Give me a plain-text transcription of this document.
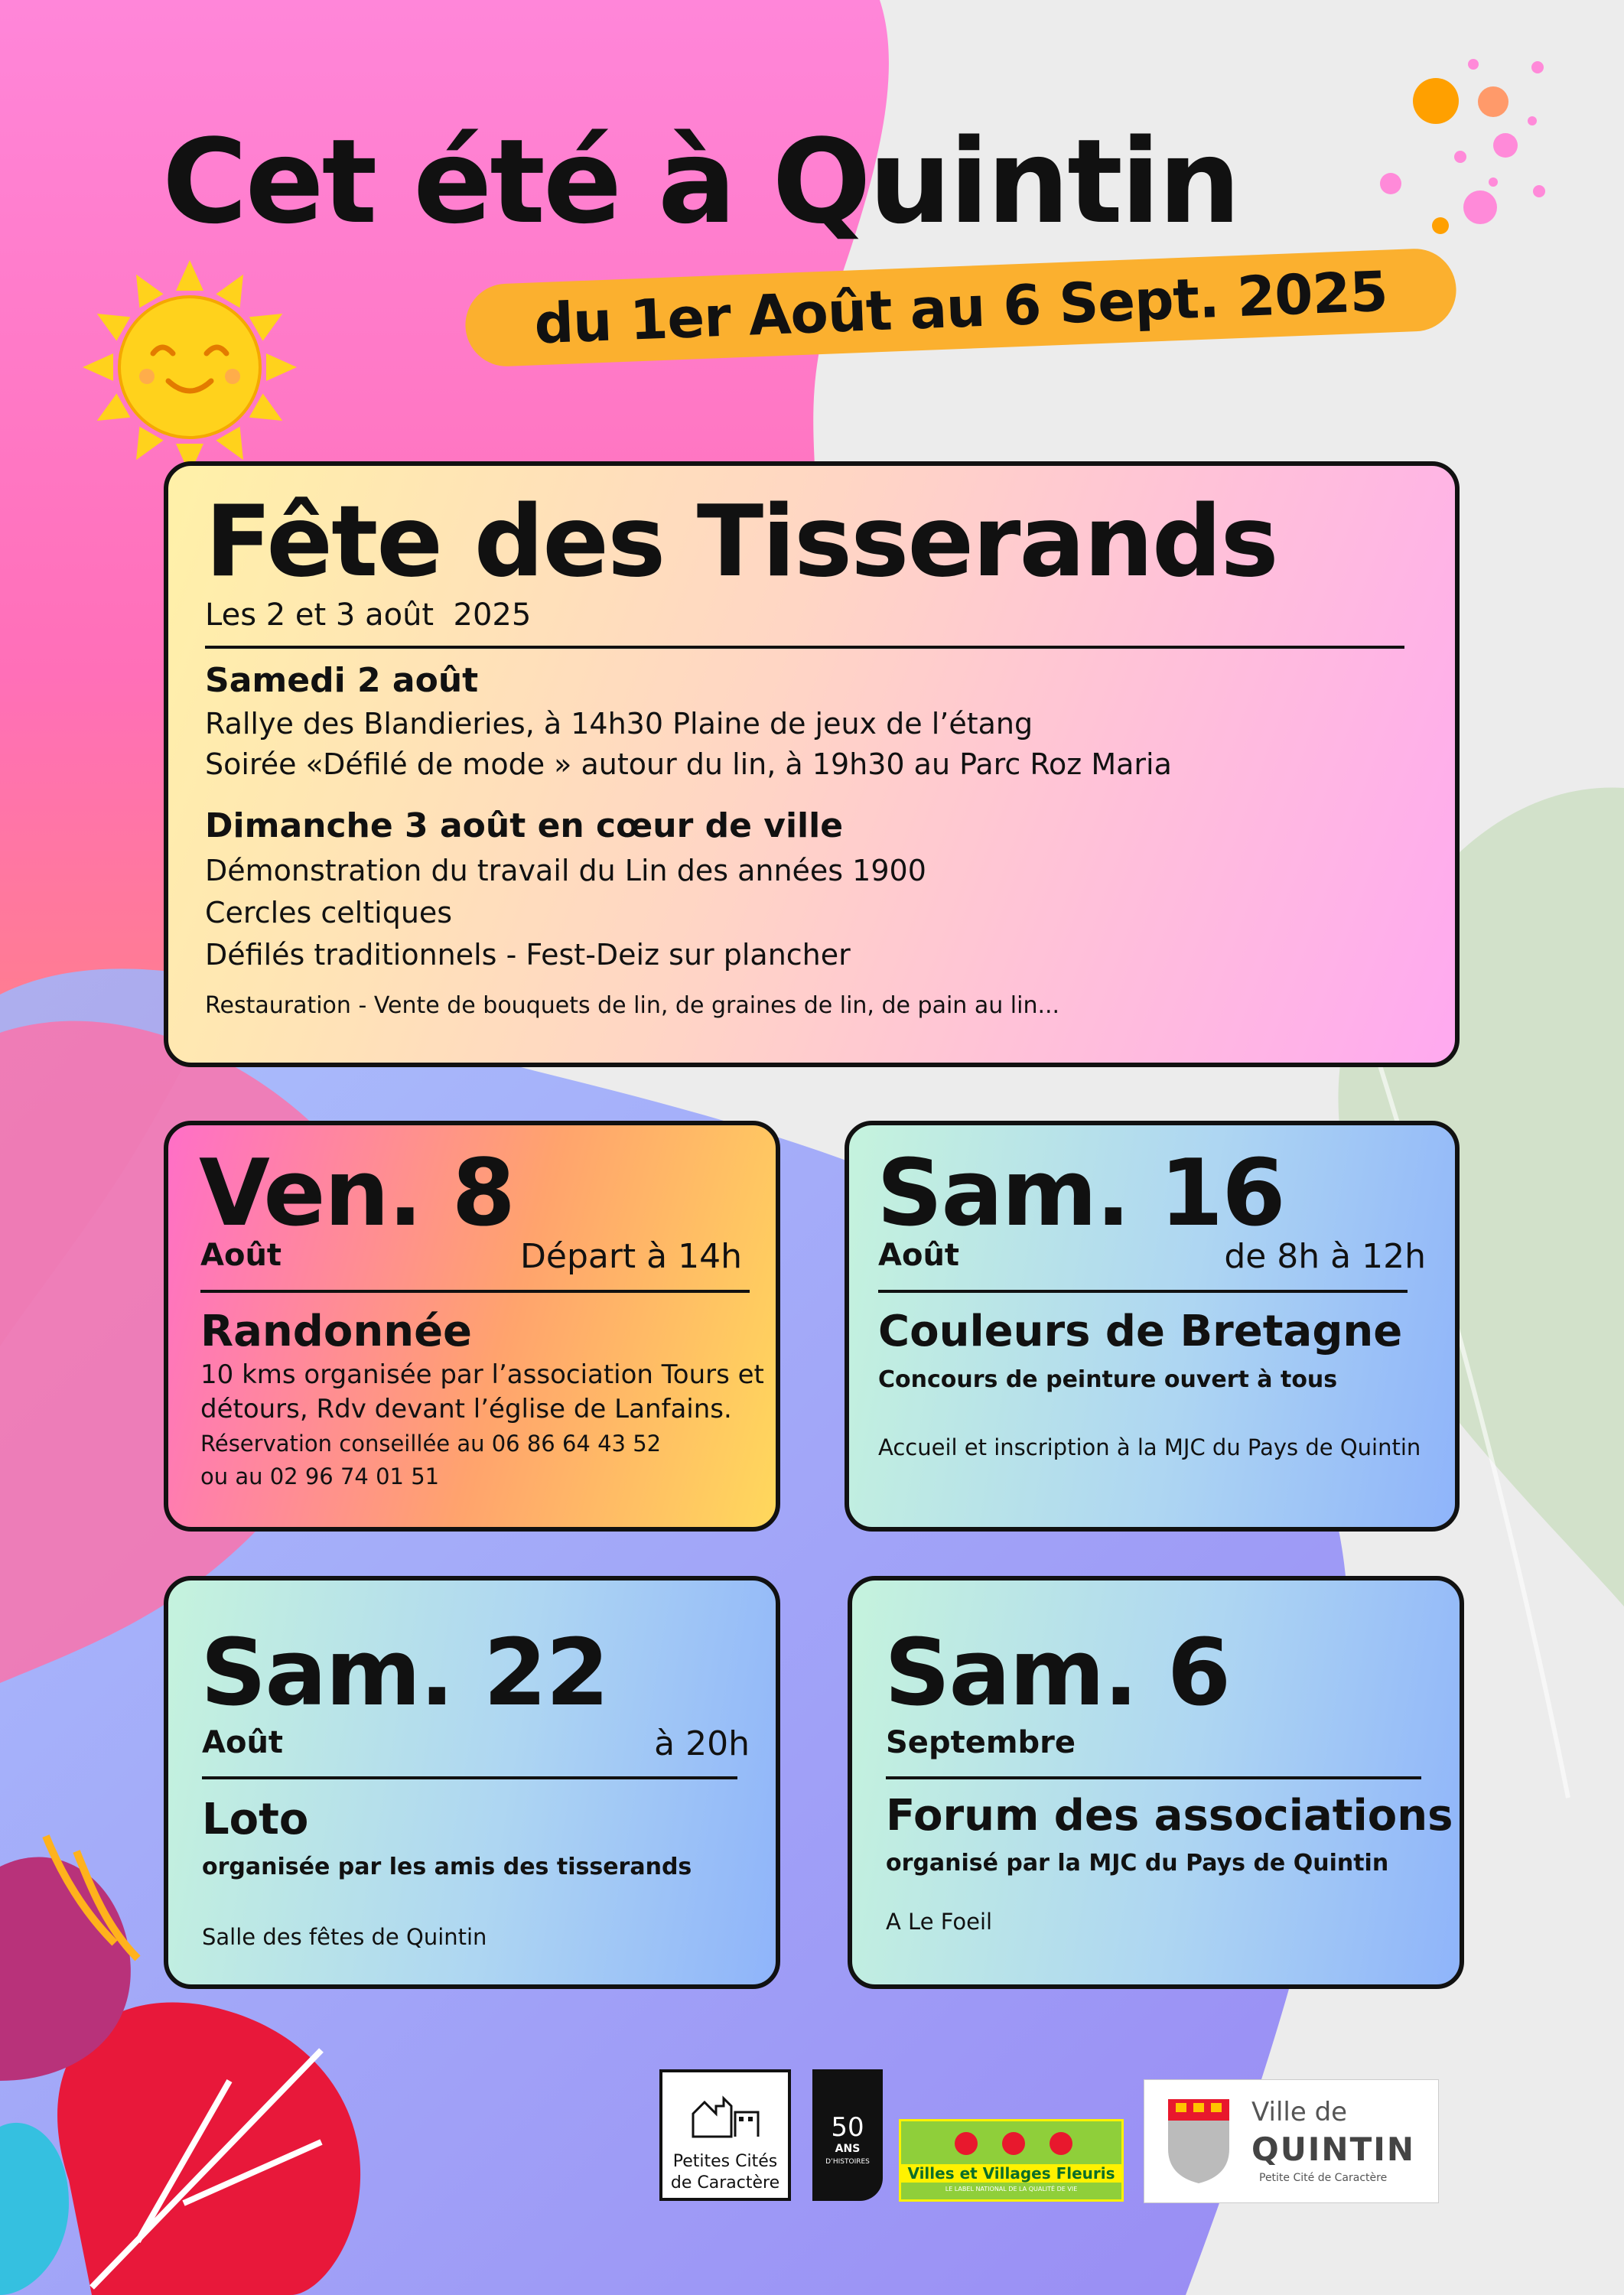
Cet été à Quintin
du 1er Août au 6 Sept. 2025
Fête des Tisserands
Les 2 et 3 août  2025
Samedi 2 août
Rallye des Blandieries, à 14h30 Plaine de jeux de l’étang
Soirée «Défilé de mode » autour du lin, à 19h30 au Parc Roz Maria
Dimanche 3 août en cœur de ville
Démonstration du travail du Lin des années 1900
Cercles celtiques
Défilés traditionnels - Fest-Deiz sur plancher
Restauration - Vente de bouquets de lin, de graines de lin, de pain au lin...
Ven. 8
Août	Départ à 14h
Randonnée
10 kms organisée par l’association Tours et
détours, Rdv devant l’église de Lanfains.
Réservation conseillée au 06 86 64 43 52
ou au 02 96 74 01 51
Sam. 16
Août	de 8h à 12h
Couleurs de Bretagne
Concours de peinture ouvert à tous
Accueil et inscription à la MJC du Pays de Quintin
Sam. 22
Août	à 20h
Loto
organisée par les amis des tisserands
Salle des fêtes de Quintin
Sam. 6
Septembre
Forum des associations
organisé par la MJC du Pays de Quintin
A Le Foeil
Petites Cités
de Caractère
50
ANS
D’HISTOIRES
Villes et Villages Fleuris
LE LABEL NATIONAL DE LA QUALITÉ DE VIE
Ville de
QUINTIN
Petite Cité de Caractère
